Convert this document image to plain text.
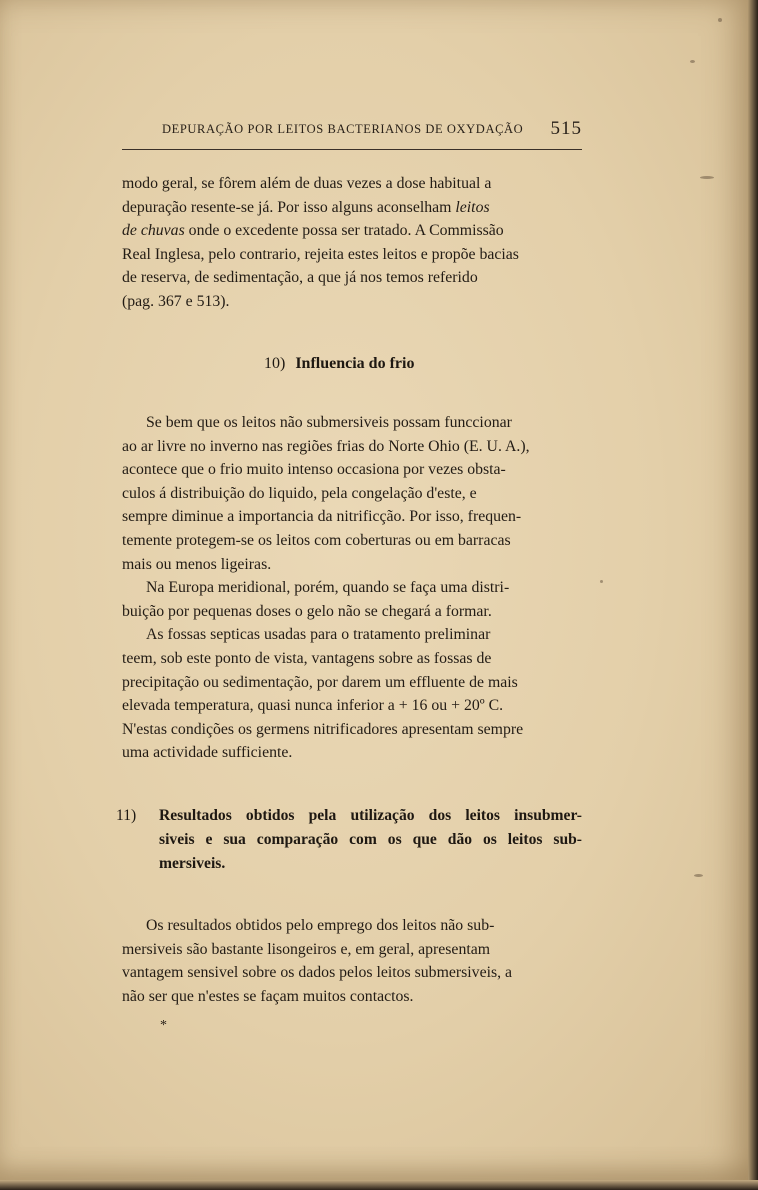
DEPURAÇÃO POR LEITOS BACTERIANOS DE OXYDAÇÃO 515

modo geral, se fôrem além de duas vezes a dose habitual a

depuração resente-se já. Por isso alguns aconselham leitos

de chuvas onde o excedente possa ser tratado. A Commissão

Real Inglesa, pelo contrario, rejeita estes leitos e propõe bacias

de reserva, de sedimentação, a que já nos temos referido

(pag. 367 e 513).

10) Influencia do frio

Se bem que os leitos não submersiveis possam funccionar

ao ar livre no inverno nas regiões frias do Norte Ohio (E. U. A.),

acontece que o frio muito intenso occasiona por vezes obsta-

culos á distribuição do liquido, pela congelação d'este, e

sempre diminue a importancia da nitrificção. Por isso, frequen-

temente protegem-se os leitos com coberturas ou em barracas

mais ou menos ligeiras.

Na Europa meridional, porém, quando se faça uma distri-

buição por pequenas doses o gelo não se chegará a formar.

As fossas septicas usadas para o tratamento preliminar

teem, sob este ponto de vista, vantagens sobre as fossas de

precipitação ou sedimentação, por darem um effluente de mais

elevada temperatura, quasi nunca inferior a + 16 ou + 20º C.

N'estas condições os germens nitrificadores apresentam sempre

uma actividade sufficiente.

11) Resultados obtidos pela utilização dos leitos insubmer-
siveis e sua comparação com os que dão os leitos sub-
mersiveis.

Os resultados obtidos pelo emprego dos leitos não sub-

mersiveis são bastante lisongeiros e, em geral, apresentam

vantagem sensivel sobre os dados pelos leitos submersiveis, a

não ser que n'estes se façam muitos contactos.

*
